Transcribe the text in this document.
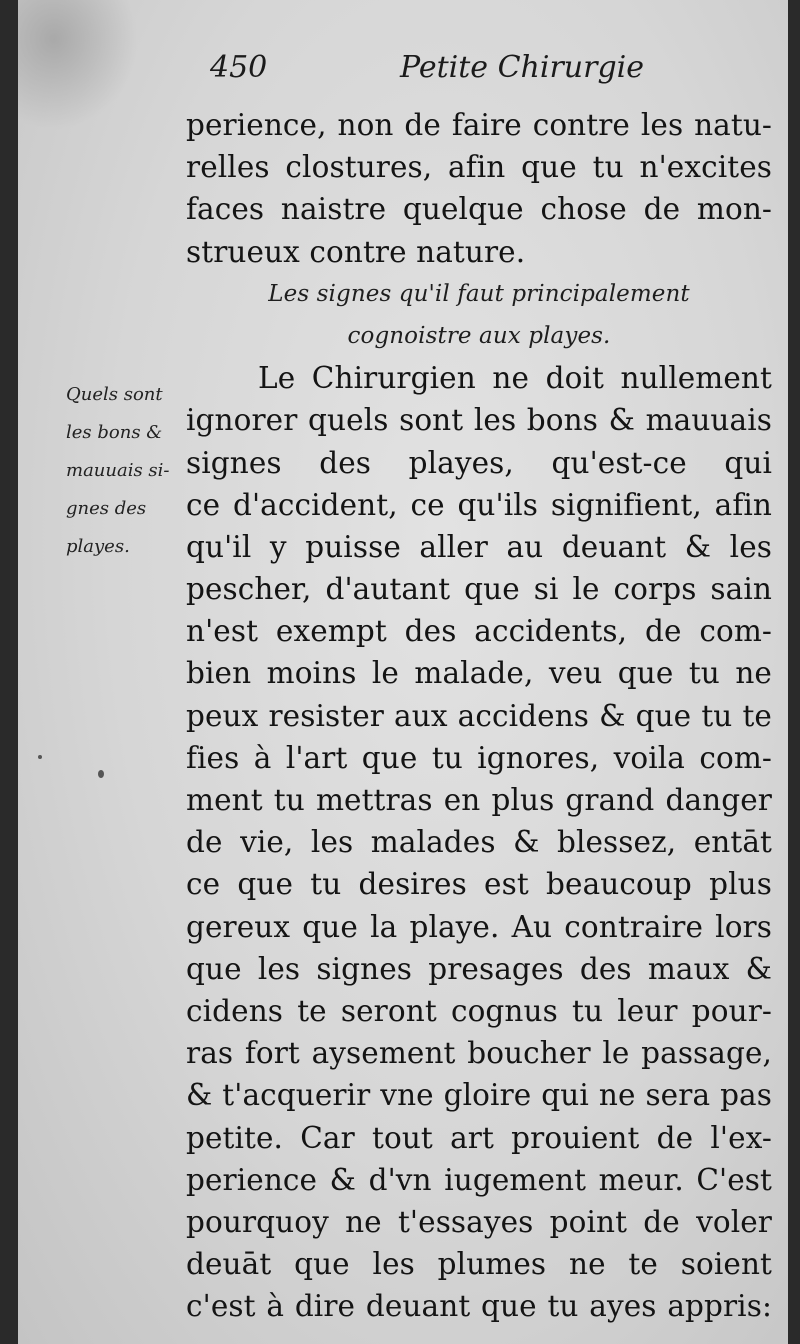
450	Petite Chirurgie
Quels sont
les bons &
mauuais si-
gnes des
playes.
perience, non de faire contre les natu-
relles clostures, afin que tu n'excites
faces naistre quelque chose de mon-
strueux contre nature.
Les signes qu'il faut principalement
cognoistre aux playes.
Le Chirurgien ne doit nullement
ignorer quels sont les bons & mauuais
signes des playes, qu'est-ce qui
ce d'accident, ce qu'ils signifient, afin
qu'il y puisse aller au deuant & les
pescher, d'autant que si le corps sain
n'est exempt des accidents, de com-
bien moins le malade, veu que tu ne
peux resister aux accidens & que tu te
fies à l'art que tu ignores, voila com-
ment tu mettras en plus grand danger
de vie, les malades & blessez, entāt
ce que tu desires est beaucoup plus
gereux que la playe. Au contraire lors
que les signes presages des maux &
cidens te seront cognus tu leur pour-
ras fort aysement boucher le passage,
& t'acquerir vne gloire qui ne sera pas
petite. Car tout art prouient de l'ex-
perience & d'vn iugement meur. C'est
pourquoy ne t'essayes point de voler
deuāt que les plumes ne te soient
c'est à dire deuant que tu ayes appris:
